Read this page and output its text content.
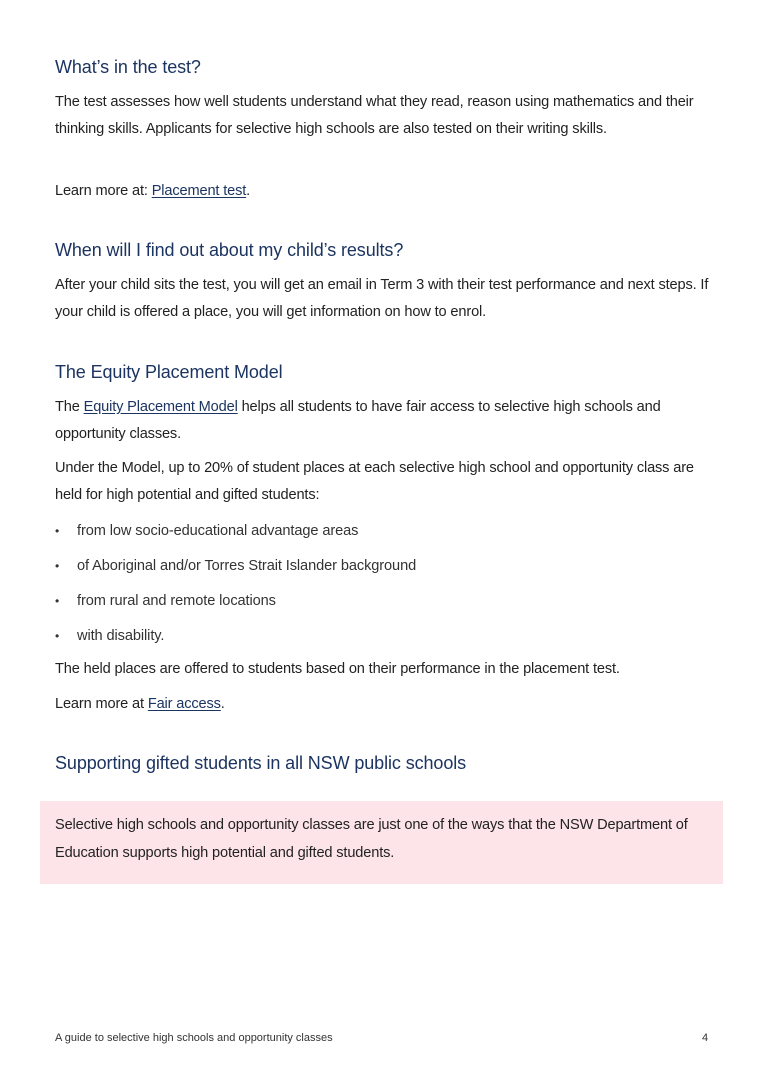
What’s in the test?

The test assesses how well students understand what they read, reason using mathematics and their thinking skills. Applicants for selective high schools are also tested on their writing skills.

Learn more at: Placement test.

When will I find out about my child’s results?

After your child sits the test, you will get an email in Term 3 with their test performance and next steps. If your child is offered a place, you will get information on how to enrol.

The Equity Placement Model

The Equity Placement Model helps all students to have fair access to selective high schools and opportunity classes.

Under the Model, up to 20% of student places at each selective high school and opportunity class are held for high potential and gifted students:

• from low socio-educational advantage areas
• of Aboriginal and/or Torres Strait Islander background
• from rural and remote locations
• with disability.

The held places are offered to students based on their performance in the placement test.

Learn more at Fair access.

Supporting gifted students in all NSW public schools

Selective high schools and opportunity classes are just one of the ways that the NSW Department of Education supports high potential and gifted students.

A guide to selective high schools and opportunity classes	4
